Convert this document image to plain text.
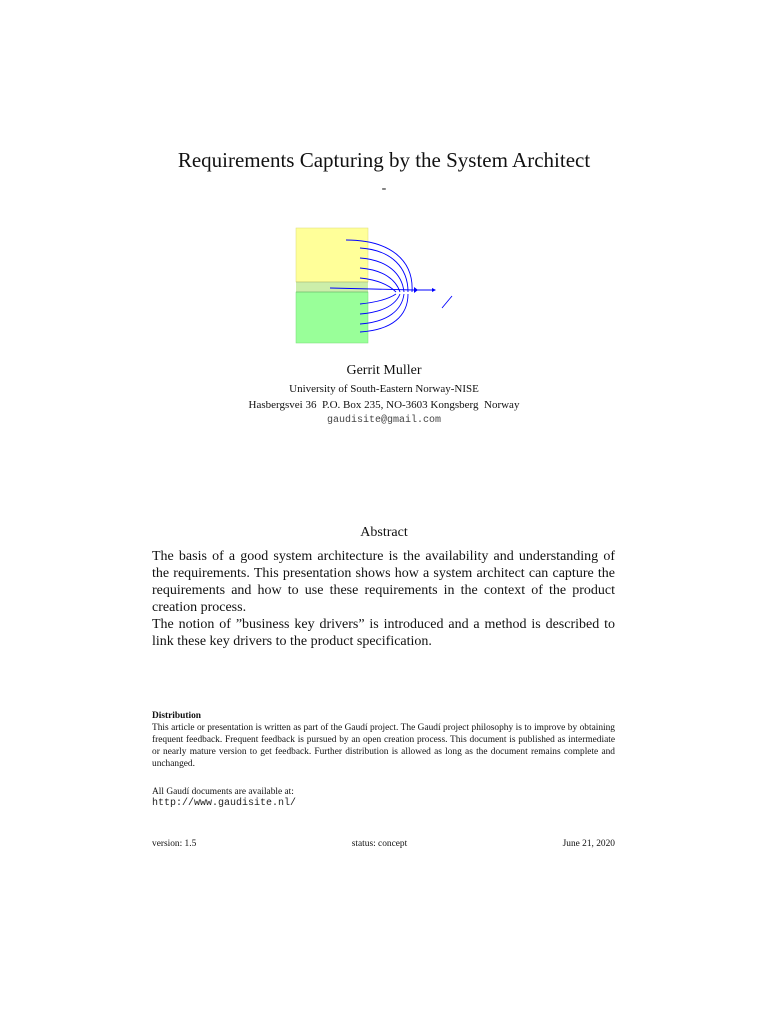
Requirements Capturing by the System Architect
-
Gerrit Muller
University of South-Eastern Norway-NISE
Hasbergsvei 36  P.O. Box 235, NO-3603 Kongsberg  Norway
gaudisite@gmail.com
Abstract

The basis of a good system architecture is the availability and understanding of the requirements. This presentation shows how a system architect can capture the requirements and how to use these requirements in the context of the product creation process.

The notion of ”business key drivers” is introduced and a method is described to link these key drivers to the product specification.

Distribution
This article or presentation is written as part of the Gaudí project. The Gaudí project philosophy is to improve by obtaining frequent feedback. Frequent feedback is pursued by an open creation process. This document is published as intermediate or nearly mature version to get feedback. Further distribution is allowed as long as the document remains complete and unchanged.
All Gaudí documents are available at:
http://www.gaudisite.nl/
version: 1.5	status: concept	June 21, 2020
